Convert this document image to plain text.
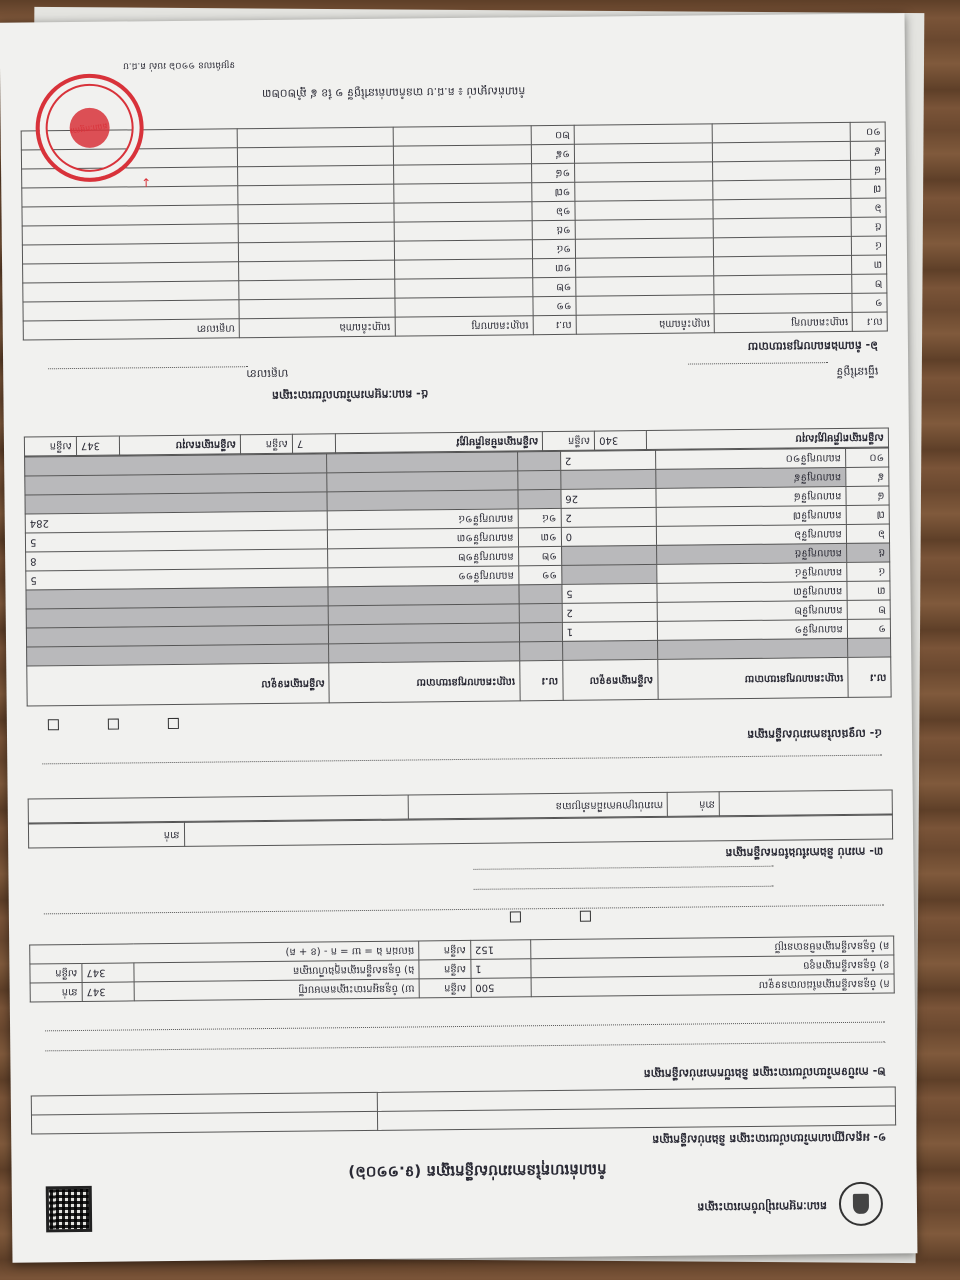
គណៈកម្មការរៀបចំការបោះឆ្នោត
កំណត់ហេតុនៃការរាប់សន្លឹកឆ្នោត (ទ.១១០៦)
១- អត្តសញ្ញាណការិយាល័យបោះឆ្នោត និងរាប់សន្លឹកឆ្នោត

២- ការបិទការិយាល័យបោះឆ្នោត និងបើកការរាប់សន្លឹកឆ្នោត
ក) ចំនួនសន្លឹកឆ្នោតដែលបានទទួល	500	សន្លឹក	ឃ) ចំនួនអ្នកបោះឆ្នោតតាមបញ្ជី	347	នាក់
ខ) ចំនួនសន្លឹកឆ្នោតខូច	1	សន្លឹក	ង) ចំនួនសន្លឹកឆ្នោតក្នុងហឹបឆ្នោត	347	សន្លឹក
គ) ចំនួនសន្លឹកឆ្នោតមិនបានប្រើ	152	សន្លឹក	ផលដក ង = ឃ = ក - (ខ + គ)		
៣- ការរាប់ និងការបែងចែកសន្លឹកឆ្នោត
	នាក់
	នាក់	ការរាប់ក្រោមការដឹកនាំប្រធាន	
៤- លទ្ធផលនៃការរាប់សន្លឹកឆ្នោត
ល.រ	ឈ្មោះគណបក្សនយោបាយ	សន្លឹកឆ្នោតទទួល	ល.រ	ឈ្មោះគណបក្សនយោបាយ	សន្លឹកឆ្នោតទទួល

១	គណបក្សទី១	1			
២	គណបក្សទី២	2			
៣	គណបក្សទី៣	5			
៤	គណបក្សទី៤		១១	គណបក្សទី១១	5
៥	គណបក្សទី៥		១២	គណបក្សទី១២	8
៦	គណបក្សទី៦	0	១៣	គណបក្សទី១៣	5
៧	គណបក្សទី៧	2	១៤	គណបក្សទី១៤	284
៨	គណបក្សទី៨	26			
៩	គណបក្សទី៩				
១០	គណបក្សទី១០	2			
សន្លឹកឆ្នោតត្រឹមត្រូវសរុប	340	សន្លឹក	សន្លឹកឆ្នោតមិនត្រឹមត្រូវ	7	សន្លឹក	សន្លឹកឆ្នោតសរុប	347	សន្លឹក
៥- គណៈកម្មការការិយាល័យបោះឆ្នោត
ហត្ថលេខា	ធ្វើនៅថ្ងៃទី
៦- តំណាងគណបក្សនយោបាយ
ល.រ	ឈ្មោះគណបក្ស	ឈ្មោះតំណាង	ល.រ	ឈ្មោះគណបក្ស	ឈ្មោះតំណាង	ហត្ថលេខា
១			១១			
២			១២			
៣			១៣			
៤			១៤			
៥			១៥			
៦			១៦			
៧			១៧			
៨			១៨			
៩			១៩			
១០			២០			
↓
កំណត់សម្គាល់ ៖ គ.ជ.ប បានកំណត់នៅថ្ងៃទី ១ ខែ ៩ ឆ្នាំ២០២៣
ទម្រង់លេខ ១១០៦ របស់ គ.ជ.ប
គណៈកម្មការ
